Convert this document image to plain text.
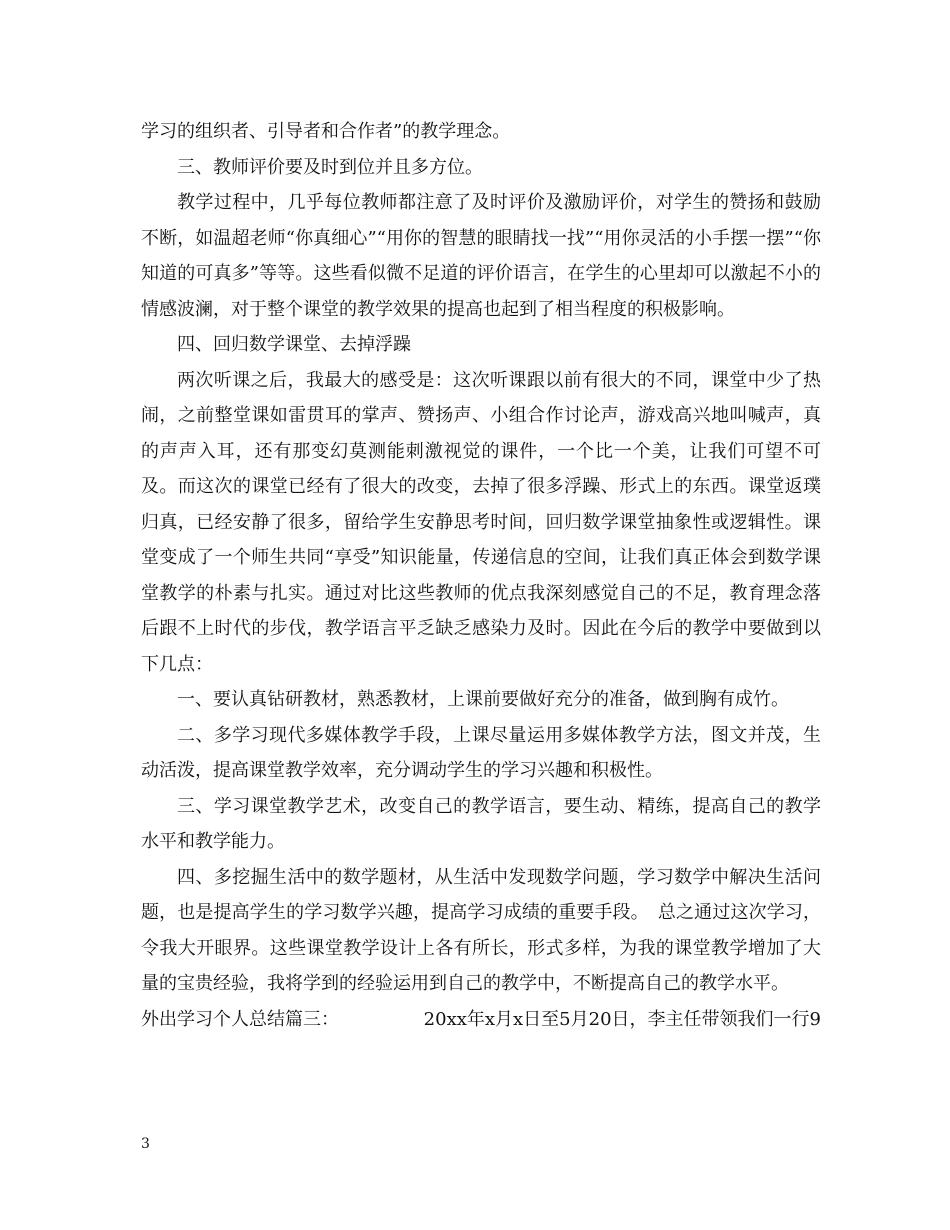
学习的组织者、引导者和合作者”的教学理念。

三、教师评价要及时到位并且多方位。

教学过程中，几乎每位教师都注意了及时评价及激励评价，对学生的赞扬和鼓励不断，如温超老师“你真细心”“用你的智慧的眼睛找一找”“用你灵活的小手摆一摆”“你知道的可真多”等等。这些看似微不足道的评价语言，在学生的心里却可以激起不小的情感波澜，对于整个课堂的教学效果的提高也起到了相当程度的积极影响。

四、回归数学课堂、去掉浮躁

两次听课之后，我最大的感受是：这次听课跟以前有很大的不同，课堂中少了热闹，之前整堂课如雷贯耳的掌声、赞扬声、小组合作讨论声，游戏高兴地叫喊声，真的声声入耳，还有那变幻莫测能刺激视觉的课件，一个比一个美，让我们可望不可及。而这次的课堂已经有了很大的改变，去掉了很多浮躁、形式上的东西。课堂返璞归真，已经安静了很多，留给学生安静思考时间，回归数学课堂抽象性或逻辑性。课堂变成了一个师生共同“享受”知识能量，传递信息的空间，让我们真正体会到数学课堂教学的朴素与扎实。通过对比这些教师的优点我深刻感觉自己的不足，教育理念落后跟不上时代的步伐，教学语言平乏缺乏感染力及时。因此在今后的教学中要做到以下几点：

一、要认真钻研教材，熟悉教材，上课前要做好充分的准备，做到胸有成竹。

二、多学习现代多媒体教学手段，上课尽量运用多媒体教学方法，图文并茂，生动活泼，提高课堂教学效率，充分调动学生的学习兴趣和积极性。

三、学习课堂教学艺术，改变自己的教学语言，要生动、精练，提高自己的教学水平和教学能力。

四、多挖掘生活中的数学题材，从生活中发现数学问题，学习数学中解决生活问题，也是提高学生的学习数学兴趣，提高学习成绩的重要手段。　总之通过这次学习，令我大开眼界。这些课堂教学设计上各有所长，形式多样，为我的课堂教学增加了大量的宝贵经验，我将学到的经验运用到自己的教学中，不断提高自己的教学水平。

外出学习个人总结篇三：	20xx年x月x日至5月20日，李主任带领我们一行9

3
